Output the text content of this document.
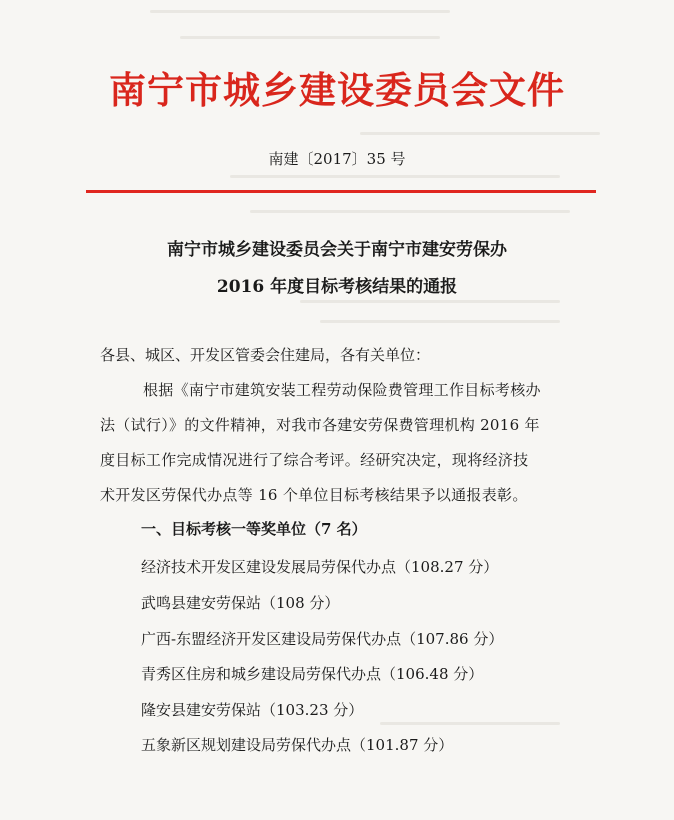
南宁市城乡建设委员会文件
南建〔2017〕35 号
南宁市城乡建设委员会关于南宁市建安劳保办
2016 年度目标考核结果的通报
各县、城区、开发区管委会住建局，各有关单位：
根据《南宁市建筑安装工程劳动保险费管理工作目标考核办
法（试行）》的文件精神，对我市各建安劳保费管理机构 2016 年
度目标工作完成情况进行了综合考评。经研究决定，现将经济技
术开发区劳保代办点等 16 个单位目标考核结果予以通报表彰。
一、目标考核一等奖单位（7 名）
经济技术开发区建设发展局劳保代办点（108.27 分）
武鸣县建安劳保站（108 分）
广西-东盟经济开发区建设局劳保代办点（107.86 分）
青秀区住房和城乡建设局劳保代办点（106.48 分）
隆安县建安劳保站（103.23 分）
五象新区规划建设局劳保代办点（101.87 分）
